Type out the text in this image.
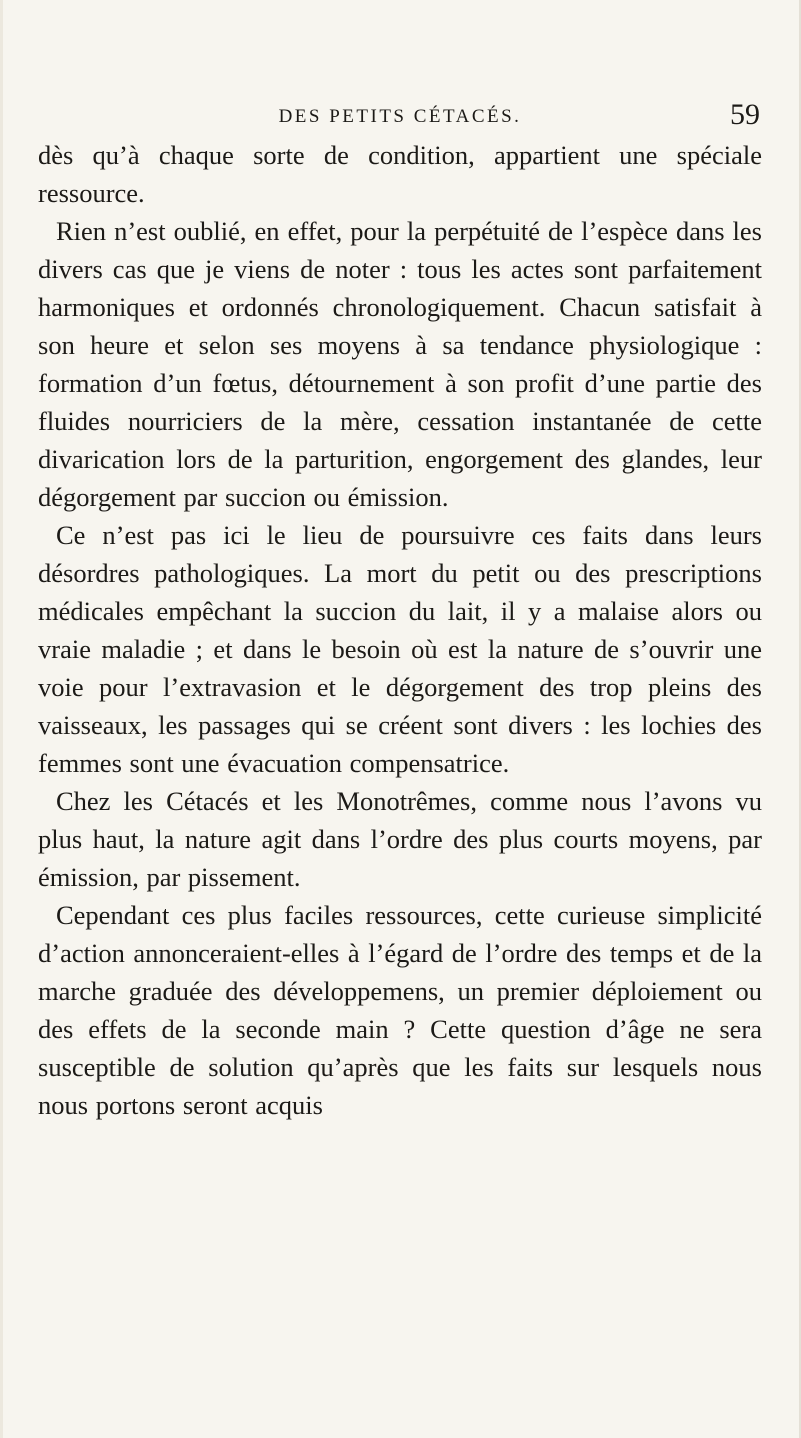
DES PETITS CÉTACÉS.	59

dès qu’à chaque sorte de condition, appartient une spéciale ressource.

Rien n’est oublié, en effet, pour la perpétuité de l’espèce dans les divers cas que je viens de noter : tous les actes sont parfaitement harmoniques et ordonnés chronologiquement. Chacun satisfait à son heure et selon ses moyens à sa tendance physiologique : formation d’un fœtus, détournement à son profit d’une partie des fluides nourriciers de la mère, cessation instantanée de cette divarication lors de la parturition, engorgement des glandes, leur dégorgement par succion ou émission.

Ce n’est pas ici le lieu de poursuivre ces faits dans leurs désordres pathologiques. La mort du petit ou des prescriptions médicales empêchant la succion du lait, il y a malaise alors ou vraie maladie ; et dans le besoin où est la nature de s’ouvrir une voie pour l’extravasion et le dégorgement des trop pleins des vaisseaux, les passages qui se créent sont divers : les lochies des femmes sont une évacuation compensatrice.

Chez les Cétacés et les Monotrêmes, comme nous l’avons vu plus haut, la nature agit dans l’ordre des plus courts moyens, par émission, par pissement.

Cependant ces plus faciles ressources, cette curieuse simplicité d’action annonceraient-elles à l’égard de l’ordre des temps et de la marche graduée des développemens, un premier déploiement ou des effets de la seconde main ? Cette question d’âge ne sera susceptible de solution qu’après que les faits sur lesquels nous nous portons seront acquis
